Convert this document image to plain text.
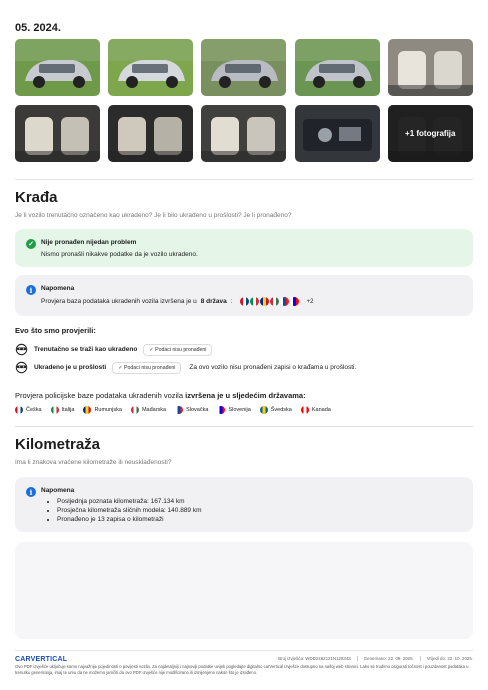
05. 2024.
+1 fotografija
Krađa
Je li vozilo trenutačno označeno kao ukradeno? Je li bilo ukradeno u prošlosti? Je li pronađeno?
✓	Nije pronađen nijedan problem
Nismo pronašli nikakve podatke da je vozilo ukradeno.
i	Napomena
Provjera baza podataka ukradenih vozila izvršena je u 8 država :	+2
Evo što smo provjerili:
Trenutačno se traži kao ukradeno	✓ Podaci nisu pronađeni
Ukradeno je u prošlosti	✓ Podaci nisu pronađeni	Za ovo vozilo nisu pronađeni zapisi o krađama u prošlosti.
Provjera policijske baze podataka ukradenih vozila izvršena je u sljedećim državama:
Češka	Italija	Rumunjska	Mađarska	Slovačka	Slovenija	Švedska	Kanada
Kilometraža
Ima li znakova vraćene kilometraže ili neusklađenosti?
i	Napomena
• Posljednja poznata kilometraža: 167.134 km
• Prosječna kilometraža sličnih modela: 140.889 km
• Pronađeno je 13 zapisa o kilometraži
CARVERTICAL	Broj izvješća: WDD2462121N128343	Generirano: 22. 09. 2025.	Vrijedi do: 22. 10. 2025.
Ovo PDF izvješće uključuje samo najvažnije pojedinosti o povijesti vozila. Za najdetaljniji i najnoviji podatke uvijek pogledajte digitalno carVertical izvješće dostupno na našoj web stranici. Lako se trudimo osigurati točnost i pouzdanost podataka u trenutku generiranja, imaj te umu da ne možemo jamčiti da ovo PDF izvješće nije modificirano ili izmijenjeno nakon što je izrađeno.
